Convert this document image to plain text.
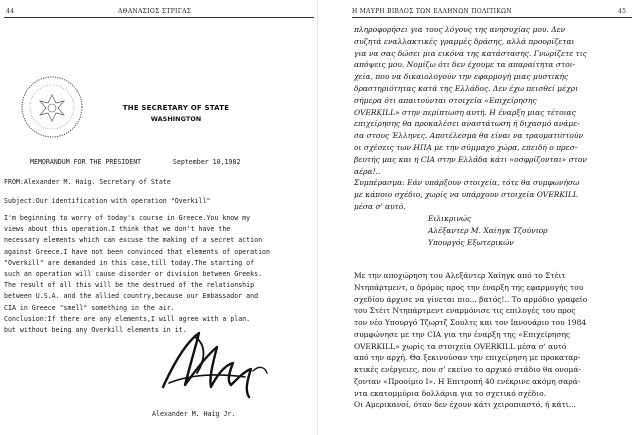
44	ΑΘΑΝΑΣΙΟΣ ΣΤΡΙΓΑΣ
THE SECRETARY OF STATE
WASHINGTON
MEMORANDUM FOR THE PRESIDENT	September 10,1982
FROM:Alexander M. Haig. Secretary of State
Subject:Our identification with operation "Overkill"
I'm beginning to worry of today's course in Greece.You know my
views about this operation.I think that we don't have the
necessary elements which can excuse the making of a secret action
against Greece.I have not been convinced that elements of operation
"Overkill" are demanded in this case,till today.The starting of
such an operation will cause disorder or division between Greeks.
The result of all this will be the destrued of the relationship
between U.S.A. and the allied country,because our Embassador and
CIA in Greece "smell" something in the air.
Conclusion:If there are any elements,I will agree with a plan.
but without being any Overkill elements in it.
Alexander M. Haig Jr.
Η ΜΑΥΡΗ ΒΙΒΛΟΣ ΤΩΝ ΕΛΛΗΝΩΝ ΠΟΛΙΤΙΚΩΝ	45
πληροφορήσει για τους λόγους της ανησυχίας μου. Δεν
συζητά εναλλακτικές γραμμές δράσης, αλλά προορίζεται
για να σας δώσει μια εικόνα της κατάστασης. Γνωρίζετε τις
απόψεις μου. Νομίζω ότι δεν έχουμε τα απαραίτητα στοι-
χεία, που να δικαιολογούν την εφαρμογή μιας μυστικής
δραστηριότητας κατά της Ελλάδος. Δεν έχω πεισθεί μέχρι
σήμερα ότι απαιτούνται στοιχεία «Επιχείρησης
OVERKILL» στην περίπτωση αυτή. Η έναρξη μιας τέτοιας
επιχείρησης θα προκαλέσει αναστάτωση ή διχασμό ανάμε-
σα στους Έλληνες. Αποτέλεσμα θα είναι να τραυματιστούν
οι σχέσεις των ΗΠΑ με την σύμμαχο χώρα, επειδή ο πρεσ-
βευτής μας και η CIA στην Ελλάδα κάτι «οσφρίζονται» στον
αέρα!..
Συμπέρασμα: Εάν υπάρξουν στοιχεία, τότε θα συμφωνήσω
με κάποιο σχέδιο, χωρίς να υπάρχουν στοιχεία OVERKILL
μέσα σ' αυτό.
Ειλικρινώς
Αλέξαντερ Μ. Χαίηγκ Τζούνιορ
Υπουργός Εξωτερικών
Με την αποχώρηση του Αλεξάντερ Χαίηγκ από το Στέιτ
Ντηπάρτμεντ, ο δρόμος προς την έναρξη της εφαρμογής του
σχεδίου άρχισε να γίνεται πιο... βατός!.. Το αρμόδιο γραφείο
του Στέιτ Ντηπάρτμεντ εναρμόνισε τις επιλογές του προς
τον νέο Υπουργό Τζωρτζ Σουλτς και τον Ιανουάριο του 1984
συμφώνησε με την CIA για την έναρξη της «Επιχείρησης
OVERKILL» χωρίς τα στοιχεία OVERKILL μέσα σ' αυτό
από την αρχή. Θα ξεκινούσαν την επιχείρηση με προκαταρ-
κτικές ενέργειες, που σ' εκείνο το αρχικό στάδιο θα ονομά-
ζονταν «Προοίμιο Ι». Η Επιτροπή 40 ενέκρινε ακόμη σαρά-
ντα εκατομμύρια δολλάρια για το σχετικό σχέδιο.
Οι Αμερικανοί, όταν δεν έχουν κάτι χειροπιαστό, ή κάτι...
